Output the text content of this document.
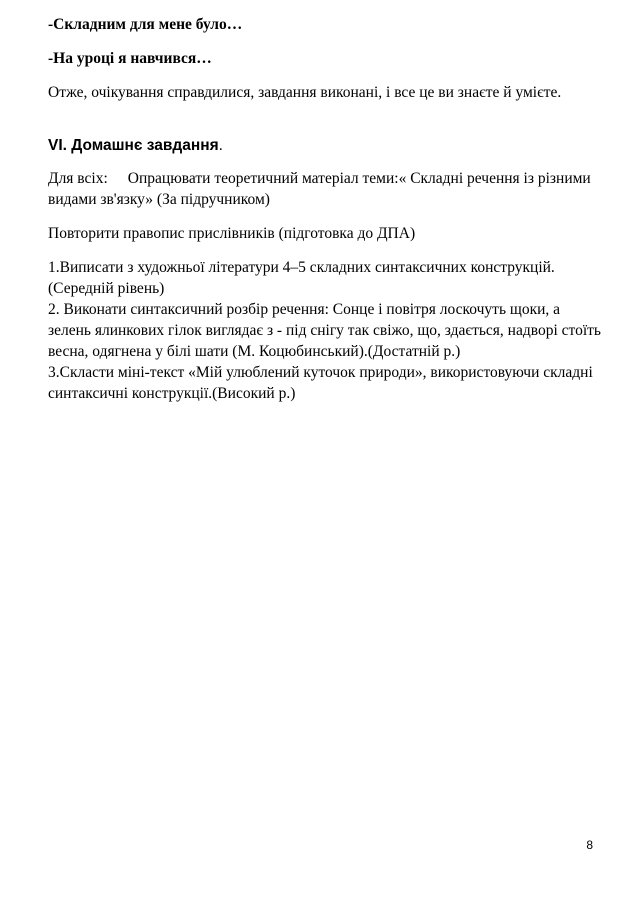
-Складним для мене було…

-На уроці я навчився…

Отже, очікування справдилися, завдання виконані, і все це ви знаєте й умієте.

VI. Домашнє завдання.

Для всіх: Опрацювати теоретичний матеріал теми:« Складні речення із різними видами зв'язку» (За підручником)

Повторити правопис прислівників (підготовка до ДПА)

1.Виписати з художньої літератури 4–5 складних синтаксичних конструкцій. (Середній рівень)

2. Виконати синтаксичний розбір речення: Сонце і повітря лоскочуть щоки, а зелень ялинкових гілок виглядає з - під снігу так свіжо, що, здається, надворі стоїть весна, одягнена у білі шати (М. Коцюбинський).(Достатній р.)

3.Скласти міні-текст «Мій улюблений куточок природи», використовуючи складні синтаксичні конструкції.(Високий р.)

8
